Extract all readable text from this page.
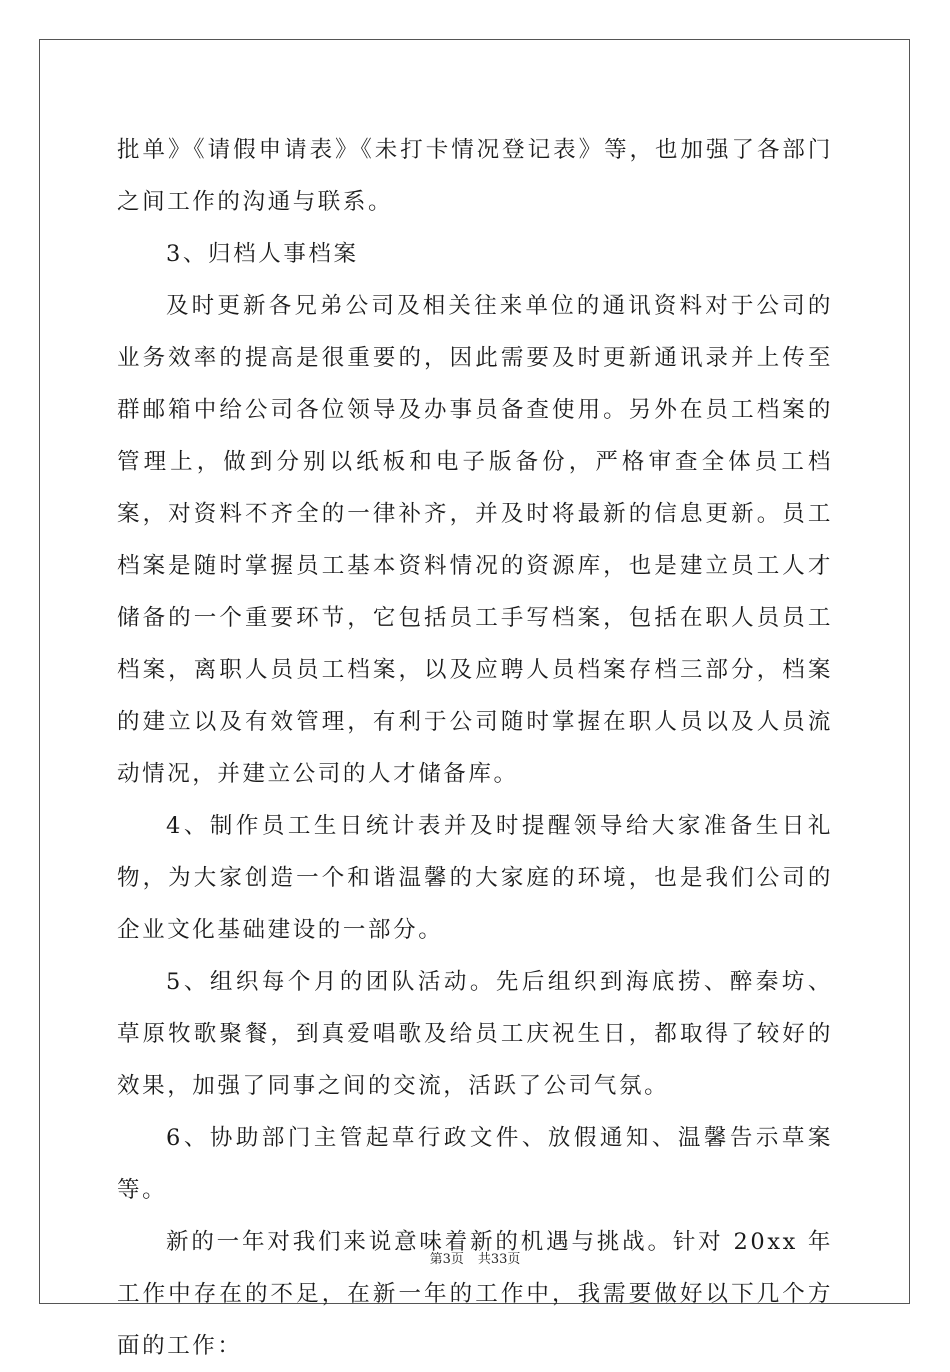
批单》《请假申请表》《未打卡情况登记表》等，也加强了各部门之间工作的沟通与联系。

3、归档人事档案

及时更新各兄弟公司及相关往来单位的通讯资料对于公司的业务效率的提高是很重要的，因此需要及时更新通讯录并上传至群邮箱中给公司各位领导及办事员备查使用。另外在员工档案的管理上，做到分别以纸板和电子版备份，严格审查全体员工档案，对资料不齐全的一律补齐，并及时将最新的信息更新。员工档案是随时掌握员工基本资料情况的资源库，也是建立员工人才储备的一个重要环节，它包括员工手写档案，包括在职人员员工档案，离职人员员工档案，以及应聘人员档案存档三部分，档案的建立以及有效管理，有利于公司随时掌握在职人员以及人员流动情况，并建立公司的人才储备库。

4、制作员工生日统计表并及时提醒领导给大家准备生日礼物，为大家创造一个和谐温馨的大家庭的环境，也是我们公司的企业文化基础建设的一部分。

5、组织每个月的团队活动。先后组织到海底捞、醉秦坊、草原牧歌聚餐，到真爱唱歌及给员工庆祝生日，都取得了较好的效果，加强了同事之间的交流，活跃了公司气氛。

6、协助部门主管起草行政文件、放假通知、温馨告示草案等。

新的一年对我们来说意味着新的机遇与挑战。针对 20xx 年工作中存在的不足，在新一年的工作中，我需要做好以下几个方面的工作：

第3页 共33页
